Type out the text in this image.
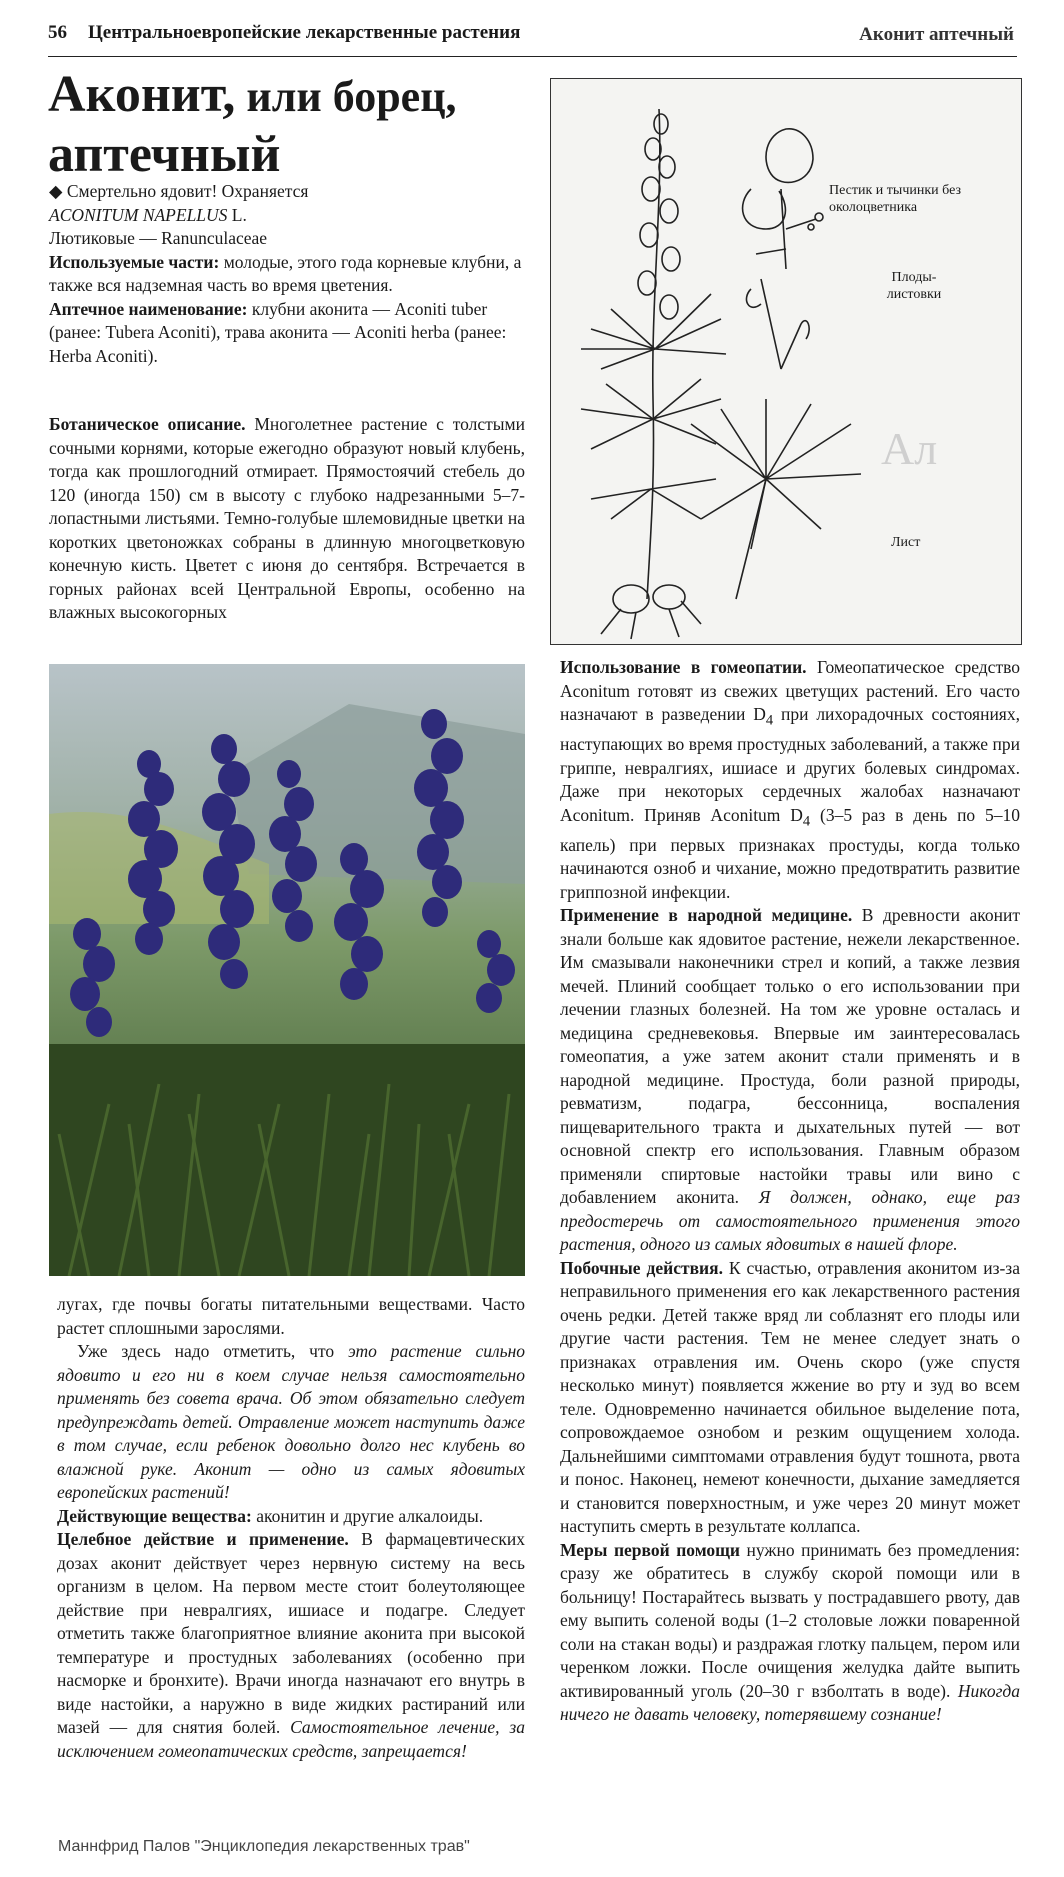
56 Центральноевропейские лекарственные растения	Аконит аптечный
Аконит, или борец,
аптечный

◆ Смертельно ядовит! Охраняется

ACONITUM NAPELLUS L.

Лютиковые — Ranunculaceae

Используемые части: молодые, этого года корневые клубни, а также вся надземная часть во время цветения.

Аптечное наименование: клубни аконита — Aconiti tuber (ранее: Tubera Aconiti), трава аконита — Aconiti herba (ранее: Herba Aconiti).

Ботаническое описание. Многолетнее растение с толстыми сочными корнями, которые ежегодно образуют новый клубень, тогда как прошлогодний отмирает. Прямостоячий стебель до 120 (иногда 150) см в высоту с глубоко надрезанными 5–7-лопастными листьями. Темно-голубые шлемовидные цветки на коротких цветоножках собраны в длинную многоцветковую конечную кисть. Цветет с июня до сентября. Встречается в горных районах всей Центральной Европы, особенно на влажных высокогорных

Ал
Пестик и тычинки без околоцветника
Плоды-листовки
Лист

лугах, где почвы богаты питательными веществами. Часто растет сплошными зарослями.

Уже здесь надо отметить, что это растение сильно ядовито и его ни в коем случае нельзя самостоятельно применять без совета врача. Об этом обязательно следует предупреждать детей. Отравление может наступить даже в том случае, если ребенок довольно долго нес клубень во влажной руке. Аконит — одно из самых ядовитых европейских растений!

Действующие вещества: аконитин и другие алкалоиды.

Целебное действие и применение. В фармацевтических дозах аконит действует через нервную систему на весь организм в целом. На первом месте стоит болеутоляющее действие при невралгиях, ишиасе и подагре. Следует отметить также благоприятное влияние аконита при высокой температуре и простудных заболеваниях (особенно при насморке и бронхите). Врачи иногда назначают его внутрь в виде настойки, а наружно в виде жидких растираний или мазей — для снятия болей. Самостоятельное лечение, за исключением гомеопатических средств, запрещается!

Использование в гомеопатии. Гомеопатическое средство Aconitum готовят из свежих цветущих растений. Его часто назначают в разведении $D_4$ при лихорадочных состояниях, наступающих во время простудных заболеваний, а также при гриппе, невралгиях, ишиасе и других болевых синдромах. Даже при некоторых сердечных жалобах назначают Aconitum. Приняв Aconitum $D_4$ (3–5 раз в день по 5–10 капель) при первых признаках простуды, когда только начинаются озноб и чихание, можно предотвратить развитие гриппозной инфекции.

Применение в народной медицине. В древности аконит знали больше как ядовитое растение, нежели лекарственное. Им смазывали наконечники стрел и копий, а также лезвия мечей. Плиний сообщает только о его использовании при лечении глазных болезней. На том же уровне осталась и медицина средневековья. Впервые им заинтересовалась гомеопатия, а уже затем аконит стали применять и в народной медицине. Простуда, боли разной природы, ревматизм, подагра, бессонница, воспаления пищеварительного тракта и дыхательных путей — вот основной спектр его использования. Главным образом применяли спиртовые настойки травы или вино с добавлением аконита. Я должен, однако, еще раз предостеречь от самостоятельного применения этого растения, одного из самых ядовитых в нашей флоре.

Побочные действия. К счастью, отравления аконитом из-за неправильного применения его как лекарственного растения очень редки. Детей также вряд ли соблазнят его плоды или другие части растения. Тем не менее следует знать о признаках отравления им. Очень скоро (уже спустя несколько минут) появляется жжение во рту и зуд во всем теле. Одновременно начинается обильное выделение пота, сопровождаемое ознобом и резким ощущением холода. Дальнейшими симптомами отравления будут тошнота, рвота и понос. Наконец, немеют конечности, дыхание замедляется и становится поверхностным, и уже через 20 минут может наступить смерть в результате коллапса.

Меры первой помощи нужно принимать без промедления: сразу же обратитесь в службу скорой помощи или в больницу! Постарайтесь вызвать у пострадавшего рвоту, дав ему выпить соленой воды (1–2 столовые ложки поваренной соли на стакан воды) и раздражая глотку пальцем, пером или черенком ложки. После очищения желудка дайте выпить активированный уголь (20–30 г взболтать в воде). Никогда ничего не давать человеку, потерявшему сознание!

Маннфрид Палов "Энциклопедия лекарственных трав"
